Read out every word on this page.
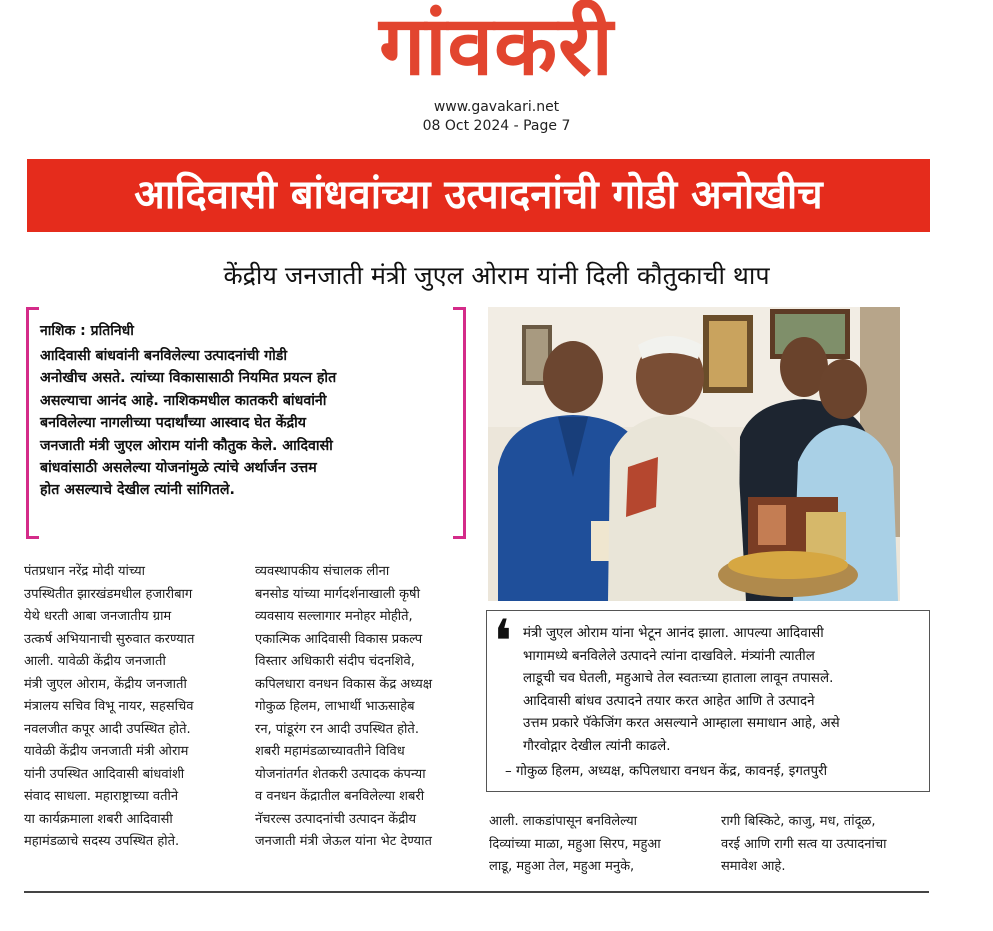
गांवकरी
www.gavakari.net
08 Oct 2024 - Page 7
आदिवासी बांधवांच्या उत्पादनांची गोडी अनोखीच
केंद्रीय जनजाती मंत्री जुएल ओराम यांनी दिली कौतुकाची थाप
नाशिक : प्रतिनिधी
आदिवासी बांधवांनी बनविलेल्या उत्पादनांची गोडी
अनोखीच असते. त्यांच्या विकासासाठी नियमित प्रयत्न होत
असल्याचा आनंद आहे. नाशिकमधील कातकरी बांधवांनी
बनविलेल्या नागलीच्या पदार्थांच्या आस्वाद घेत केंद्रीय
जनजाती मंत्री जुएल ओराम यांनी कौतुक केले. आदिवासी
बांधवांसाठी असलेल्या योजनांमुळे त्यांचे अर्थार्जन उत्तम
होत असल्याचे देखील त्यांनी सांगितले.
पंतप्रधान नरेंद्र मोदी यांच्या
उपस्थितीत झारखंडमधील हजारीबाग
येथे धरती आबा जनजातीय ग्राम
उत्कर्ष अभियानाची सुरुवात करण्यात
आली. यावेळी केंद्रीय जनजाती
मंत्री जुएल ओराम, केंद्रीय जनजाती
मंत्रालय सचिव विभू नायर, सहसचिव
नवलजीत कपूर आदी उपस्थित होते.
यावेळी केंद्रीय जनजाती मंत्री ओराम
यांनी उपस्थित आदिवासी बांधवांशी
संवाद साधला. महाराष्ट्राच्या वतीने
या कार्यक्रमाला शबरी आदिवासी
महामंडळाचे सदस्य उपस्थित होते.
व्यवस्थापकीय संचालक लीना
बनसोड यांच्या मार्गदर्शनाखाली कृषी
व्यवसाय सल्लागार मनोहर मोहीते,
एकात्मिक आदिवासी विकास प्रकल्प
विस्तार अधिकारी संदीप चंदनशिवे,
कपिलधारा वनधन विकास केंद्र अध्यक्ष
गोकुळ हिलम, लाभार्थी भाऊसाहेब
रन, पांडूरंग रन आदी उपस्थित होते.
शबरी महामंडळाच्यावतीने विविध
योजनांतर्गत शेतकरी उत्पादक कंपन्या
व वनधन केंद्रातील बनविलेल्या शबरी
नॅचरल्स उत्पादनांची उत्पादन केंद्रीय
जनजाती मंत्री जेऊल यांना भेट देण्यात
❛ मंत्री जुएल ओराम यांना भेटून आनंद झाला. आपल्या आदिवासी
भागामध्ये बनविलेले उत्पादने त्यांना दाखविले. मंत्र्यांनी त्यातील
लाडूची चव घेतली, महुआचे तेल स्वतःच्या हाताला लावून तपासले.
आदिवासी बांधव उत्पादने तयार करत आहेत आणि ते उत्पादने
उत्तम प्रकारे पॅकेजिंग करत असल्याने आम्हाला समाधान आहे, असे
गौरवोद्गार देखील त्यांनी काढले.
– गोकुळ हिलम, अध्यक्ष, कपिलधारा वनधन केंद्र, कावनई, इगतपुरी
आली. लाकडांपासून बनविलेल्या
दिव्यांच्या माळा, महुआ सिरप, महुआ
लाडू, महुआ तेल, महुआ मनुके,
रागी बिस्किटे, काजु, मध, तांदूळ,
वरई आणि रागी सत्व या उत्पादनांचा
समावेश आहे.
